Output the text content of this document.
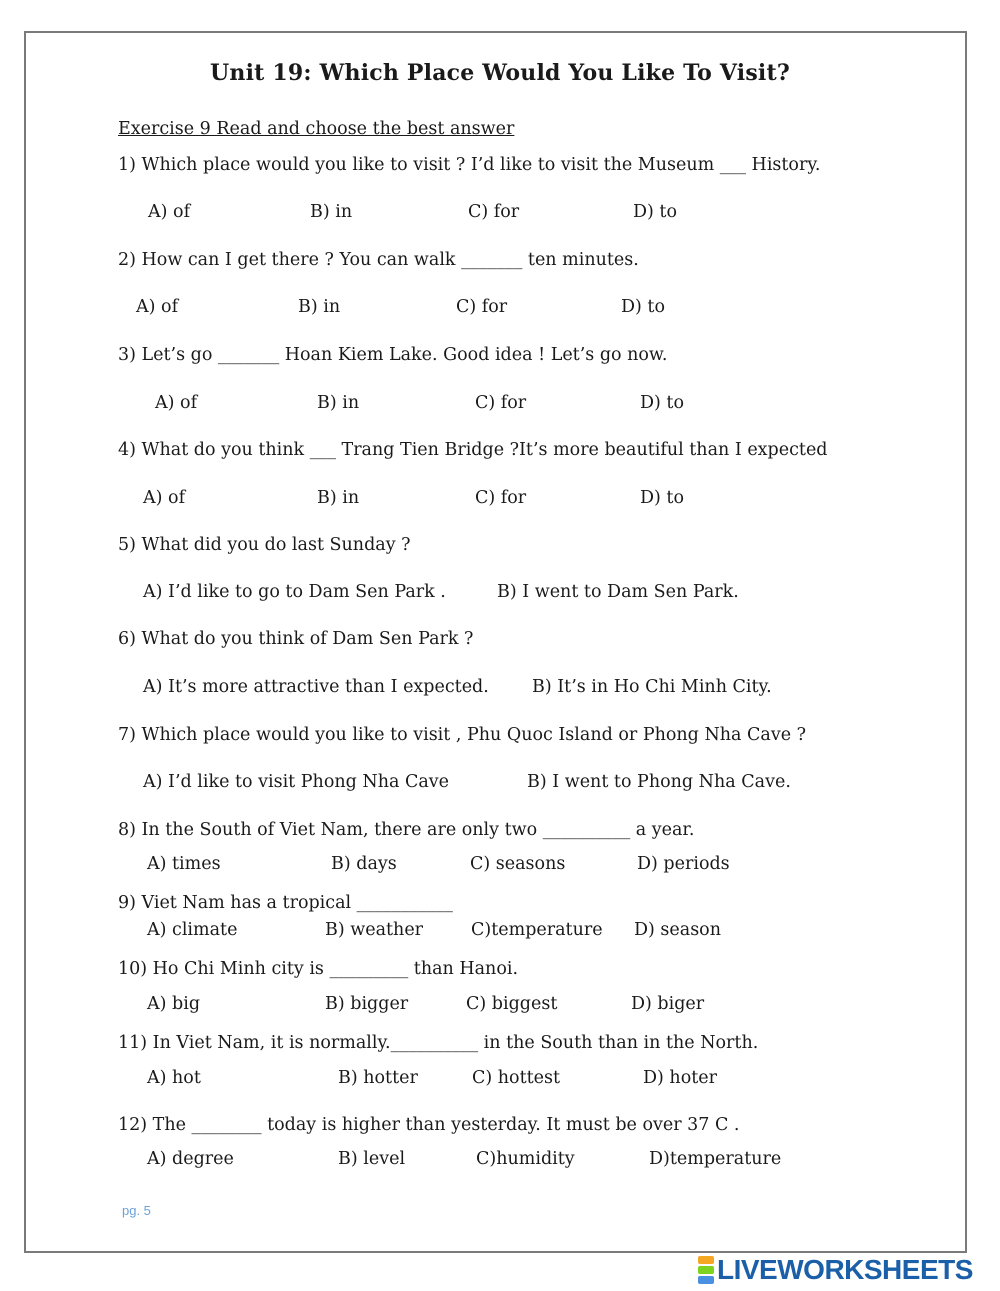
Unit 19: Which Place Would You Like To Visit?
Exercise 9 Read and choose the best answer
1) Which place would you like to visit ? I’d like to visit the Museum ___ History.
A) of	B) in	C) for	D) to
2) How can I get there ? You can walk _______ ten minutes.
A) of	B) in	C) for	D) to
3) Let’s go _______ Hoan Kiem Lake. Good idea ! Let’s go now.
A) of	B) in	C) for	D) to
4) What do you think ___ Trang Tien Bridge ?It’s more beautiful than I expected
A) of	B) in	C) for	D) to
5) What did you do last Sunday ?
A) I’d like to go to Dam Sen Park .	B) I went to Dam Sen Park.
6) What do you think of Dam Sen Park ?
A) It’s more attractive than I expected. B) It’s in Ho Chi Minh City.
7) Which place would you like to visit , Phu Quoc Island or Phong Nha Cave ?
A) I’d like to visit Phong Nha Cave	B) I went to Phong Nha Cave.
8) In the South of Viet Nam, there are only two __________ a year.
A) times	B) days	C) seasons	D) periods
9) Viet Nam has a tropical ___________
A) climate	B) weather	C)temperature D) season
10) Ho Chi Minh city is _________ than Hanoi.
A) big	B) bigger	C) biggest	D) biger
11) In Viet Nam, it is normally.__________ in the South than in the North.
A) hot	B) hotter	C) hottest	D) hoter
12) The ________ today is higher than yesterday. It must be over 37 C .
A) degree	B) level	C)humidity	D)temperature
pg. 5
LIVEWORKSHEETS
